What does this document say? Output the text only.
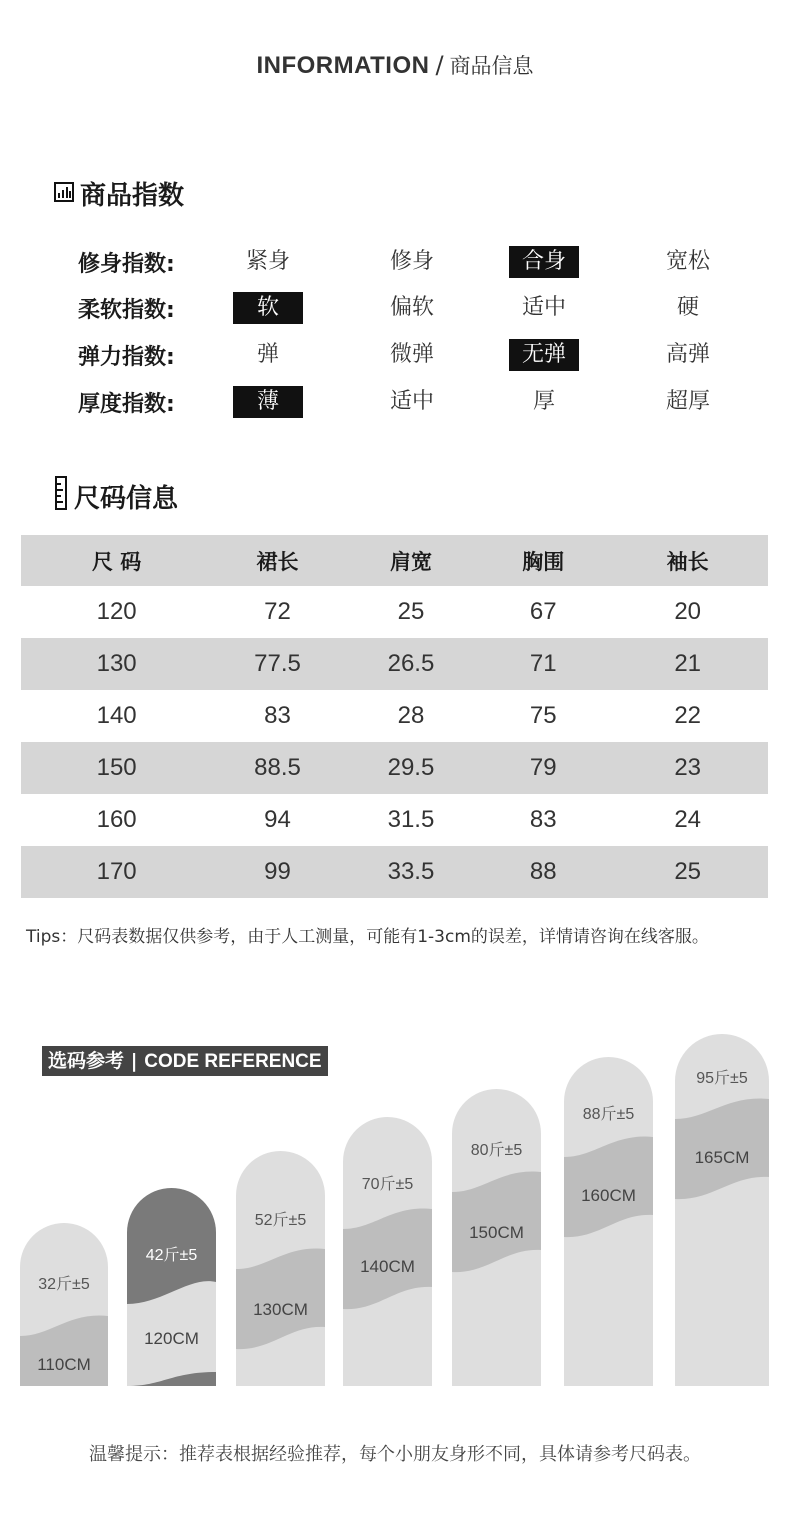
INFORMATION / 商品信息
商品指数
修身指数:	紧身	修身	合身	宽松
柔软指数:	软	偏软	适中	硬
弹力指数:	弹	微弹	无弹	高弹
厚度指数:	薄	适中	厚	超厚
尺码信息
尺 码	裙长	肩宽	胸围	袖长
120	72	25	67	20
130	77.5	26.5	71	21
140	83	28	75	22
150	88.5	29.5	79	23
160	94	31.5	83	24
170	99	33.5	88	25
Tips：尺码表数据仅供参考，由于人工测量，可能有1-3cm的误差，详情请咨询在线客服。
选码参考 | CODE REFERENCE
32斤±5
110CM
42斤±5
120CM
52斤±5
130CM
70斤±5
140CM
80斤±5
150CM
88斤±5
160CM
95斤±5
165CM
温馨提示：推荐表根据经验推荐，每个小朋友身形不同，具体请参考尺码表。
